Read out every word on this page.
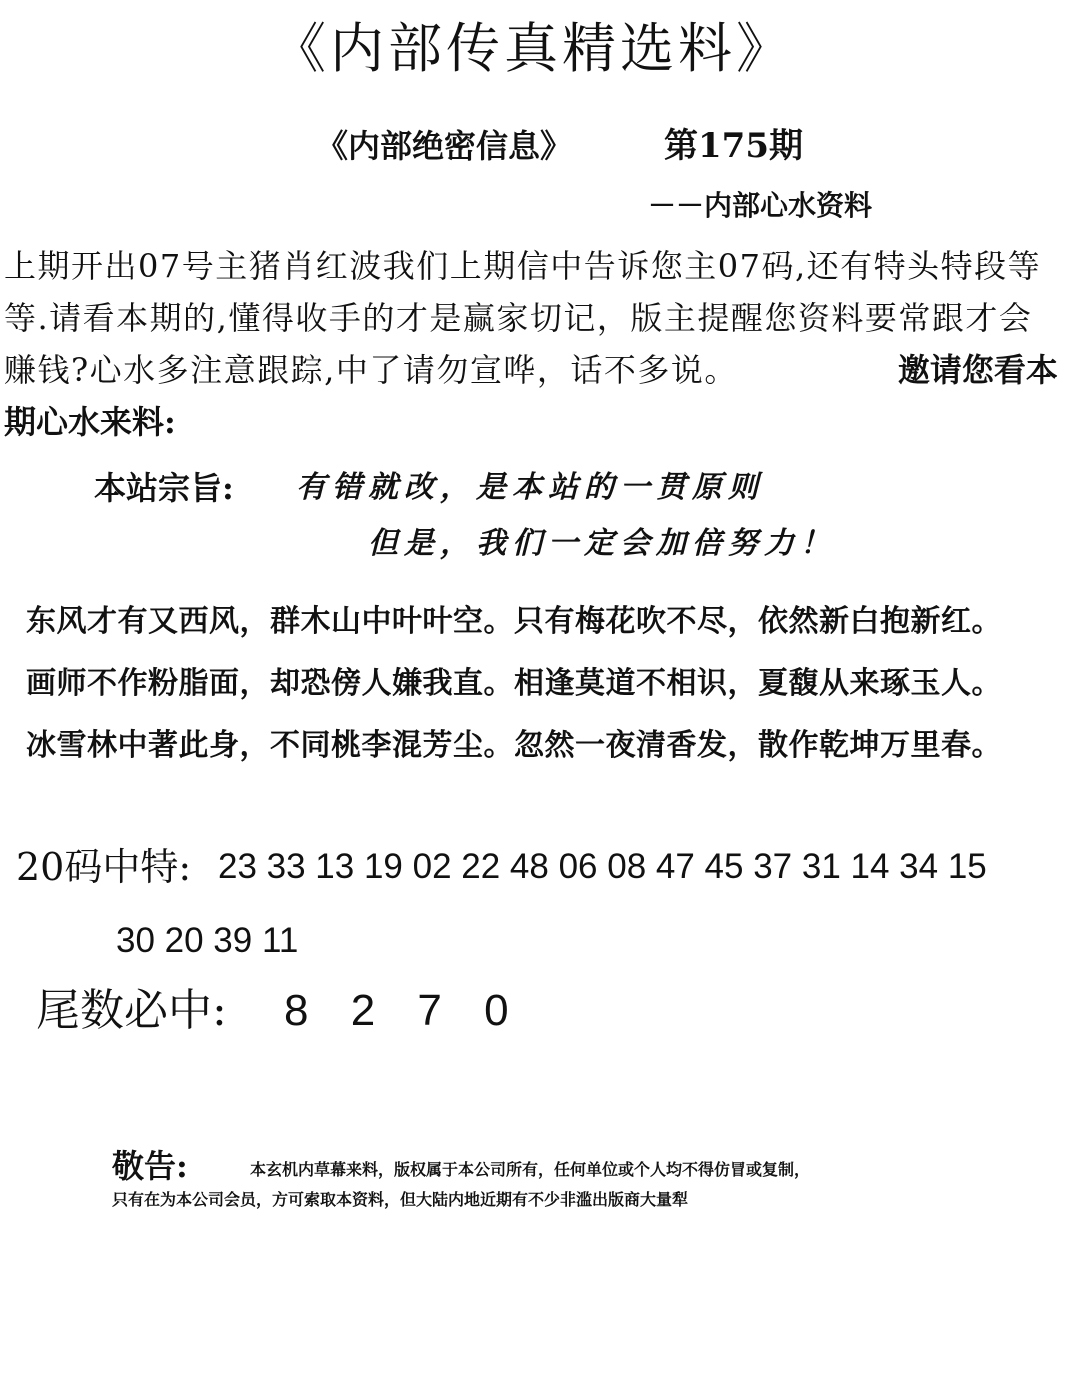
《内部传真精选料》
《内部绝密信息》	第175期
－－内部心水资料
上期开出07号主猪肖红波我们上期信中告诉您主07码,还有特头特段等等.请看本期的,懂得收手的才是赢家切记，版主提醒您资料要常跟才会赚钱?心水多注意跟踪,中了请勿宣哗，话不多说。	邀请您看本期心水来料:
本站宗旨: 有错就改，是本站的一贯原则
但是，我们一定会加倍努力！
东风才有又西风，群木山中叶叶空。只有梅花吹不尽，依然新白抱新红。
画师不作粉脂面，却恐傍人嫌我直。相逢莫道不相识，夏馥从来琢玉人。
冰雪林中著此身，不同桃李混芳尘。忽然一夜清香发，散作乾坤万里春。
20码中特: 23 33 13 19 02 22 48 06 08 47 45 37 31 14 34 15
30 20 39 11
尾数必中: 8 2 7 0
敬告:	本玄机内草幕来料，版权属于本公司所有，任何单位或个人均不得仿冒或复制，
只有在为本公司会员，方可索取本资料，但大陆内地近期有不少非滥出版商大量犁
